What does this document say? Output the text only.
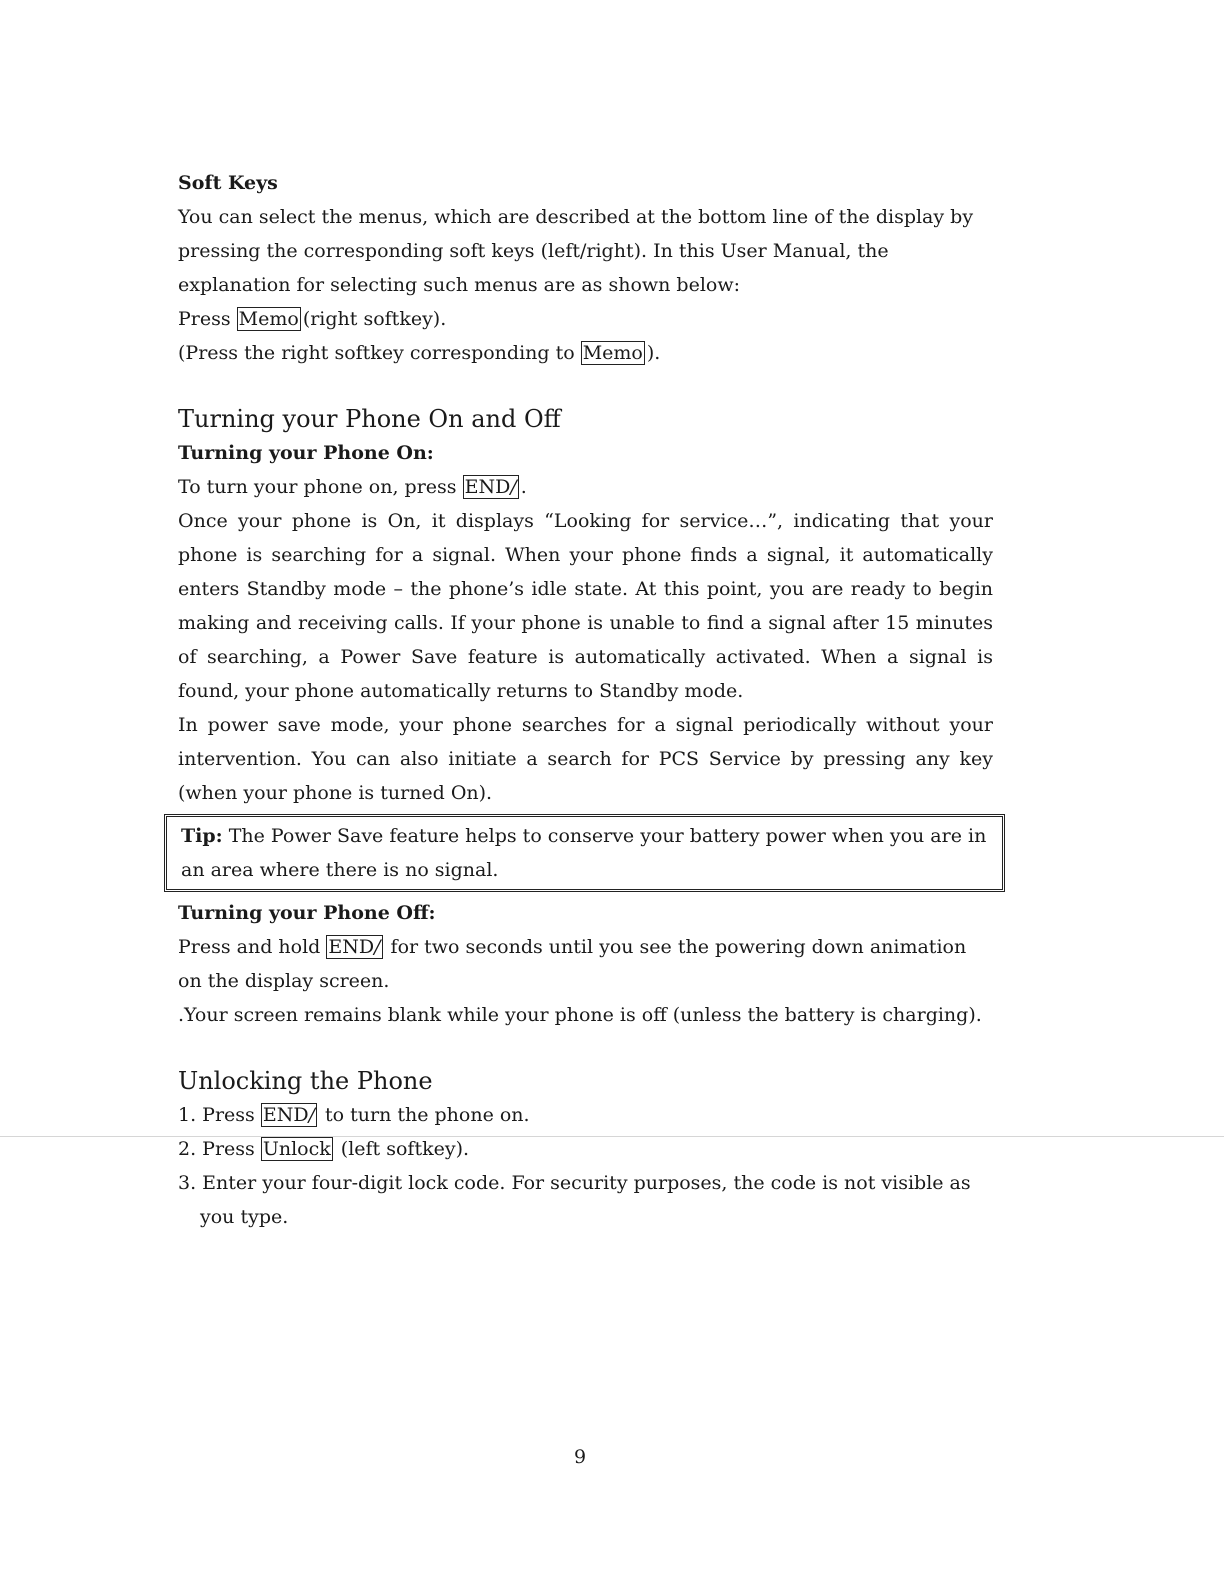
Soft Keys

You can select the menus, which are described at the bottom line of the display by pressing the corresponding soft keys (left/right). In this User Manual, the explanation for selecting such menus are as shown below:

Press Memo(right softkey).

(Press the right softkey corresponding to Memo ).

Turning your Phone On and Off

Turning your Phone On:

To turn your phone on, press END/ .

Once your phone is On, it displays “Looking for service…”, indicating that your phone is searching for a signal. When your phone finds a signal, it automatically enters Standby mode – the phone’s idle state. At this point, you are ready to begin making and receiving calls. If your phone is unable to find a signal after 15 minutes of searching, a Power Save feature is automatically activated. When a signal is found, your phone automatically returns to Standby mode.

In power save mode, your phone searches for a signal periodically without your intervention. You can also initiate a search for PCS Service by pressing any key (when your phone is turned On).

Tip: The Power Save feature helps to conserve your battery power when you are in an area where there is no signal.

Turning your Phone Off:

Press and hold END/ for two seconds until you see the powering down animation on the display screen.

.Your screen remains blank while your phone is off (unless the battery is charging).

Unlocking the Phone

1. Press END/ to turn the phone on.

2. Press Unlock (left softkey).

3. Enter your four-digit lock code. For security purposes, the code is not visible as you type.

9
